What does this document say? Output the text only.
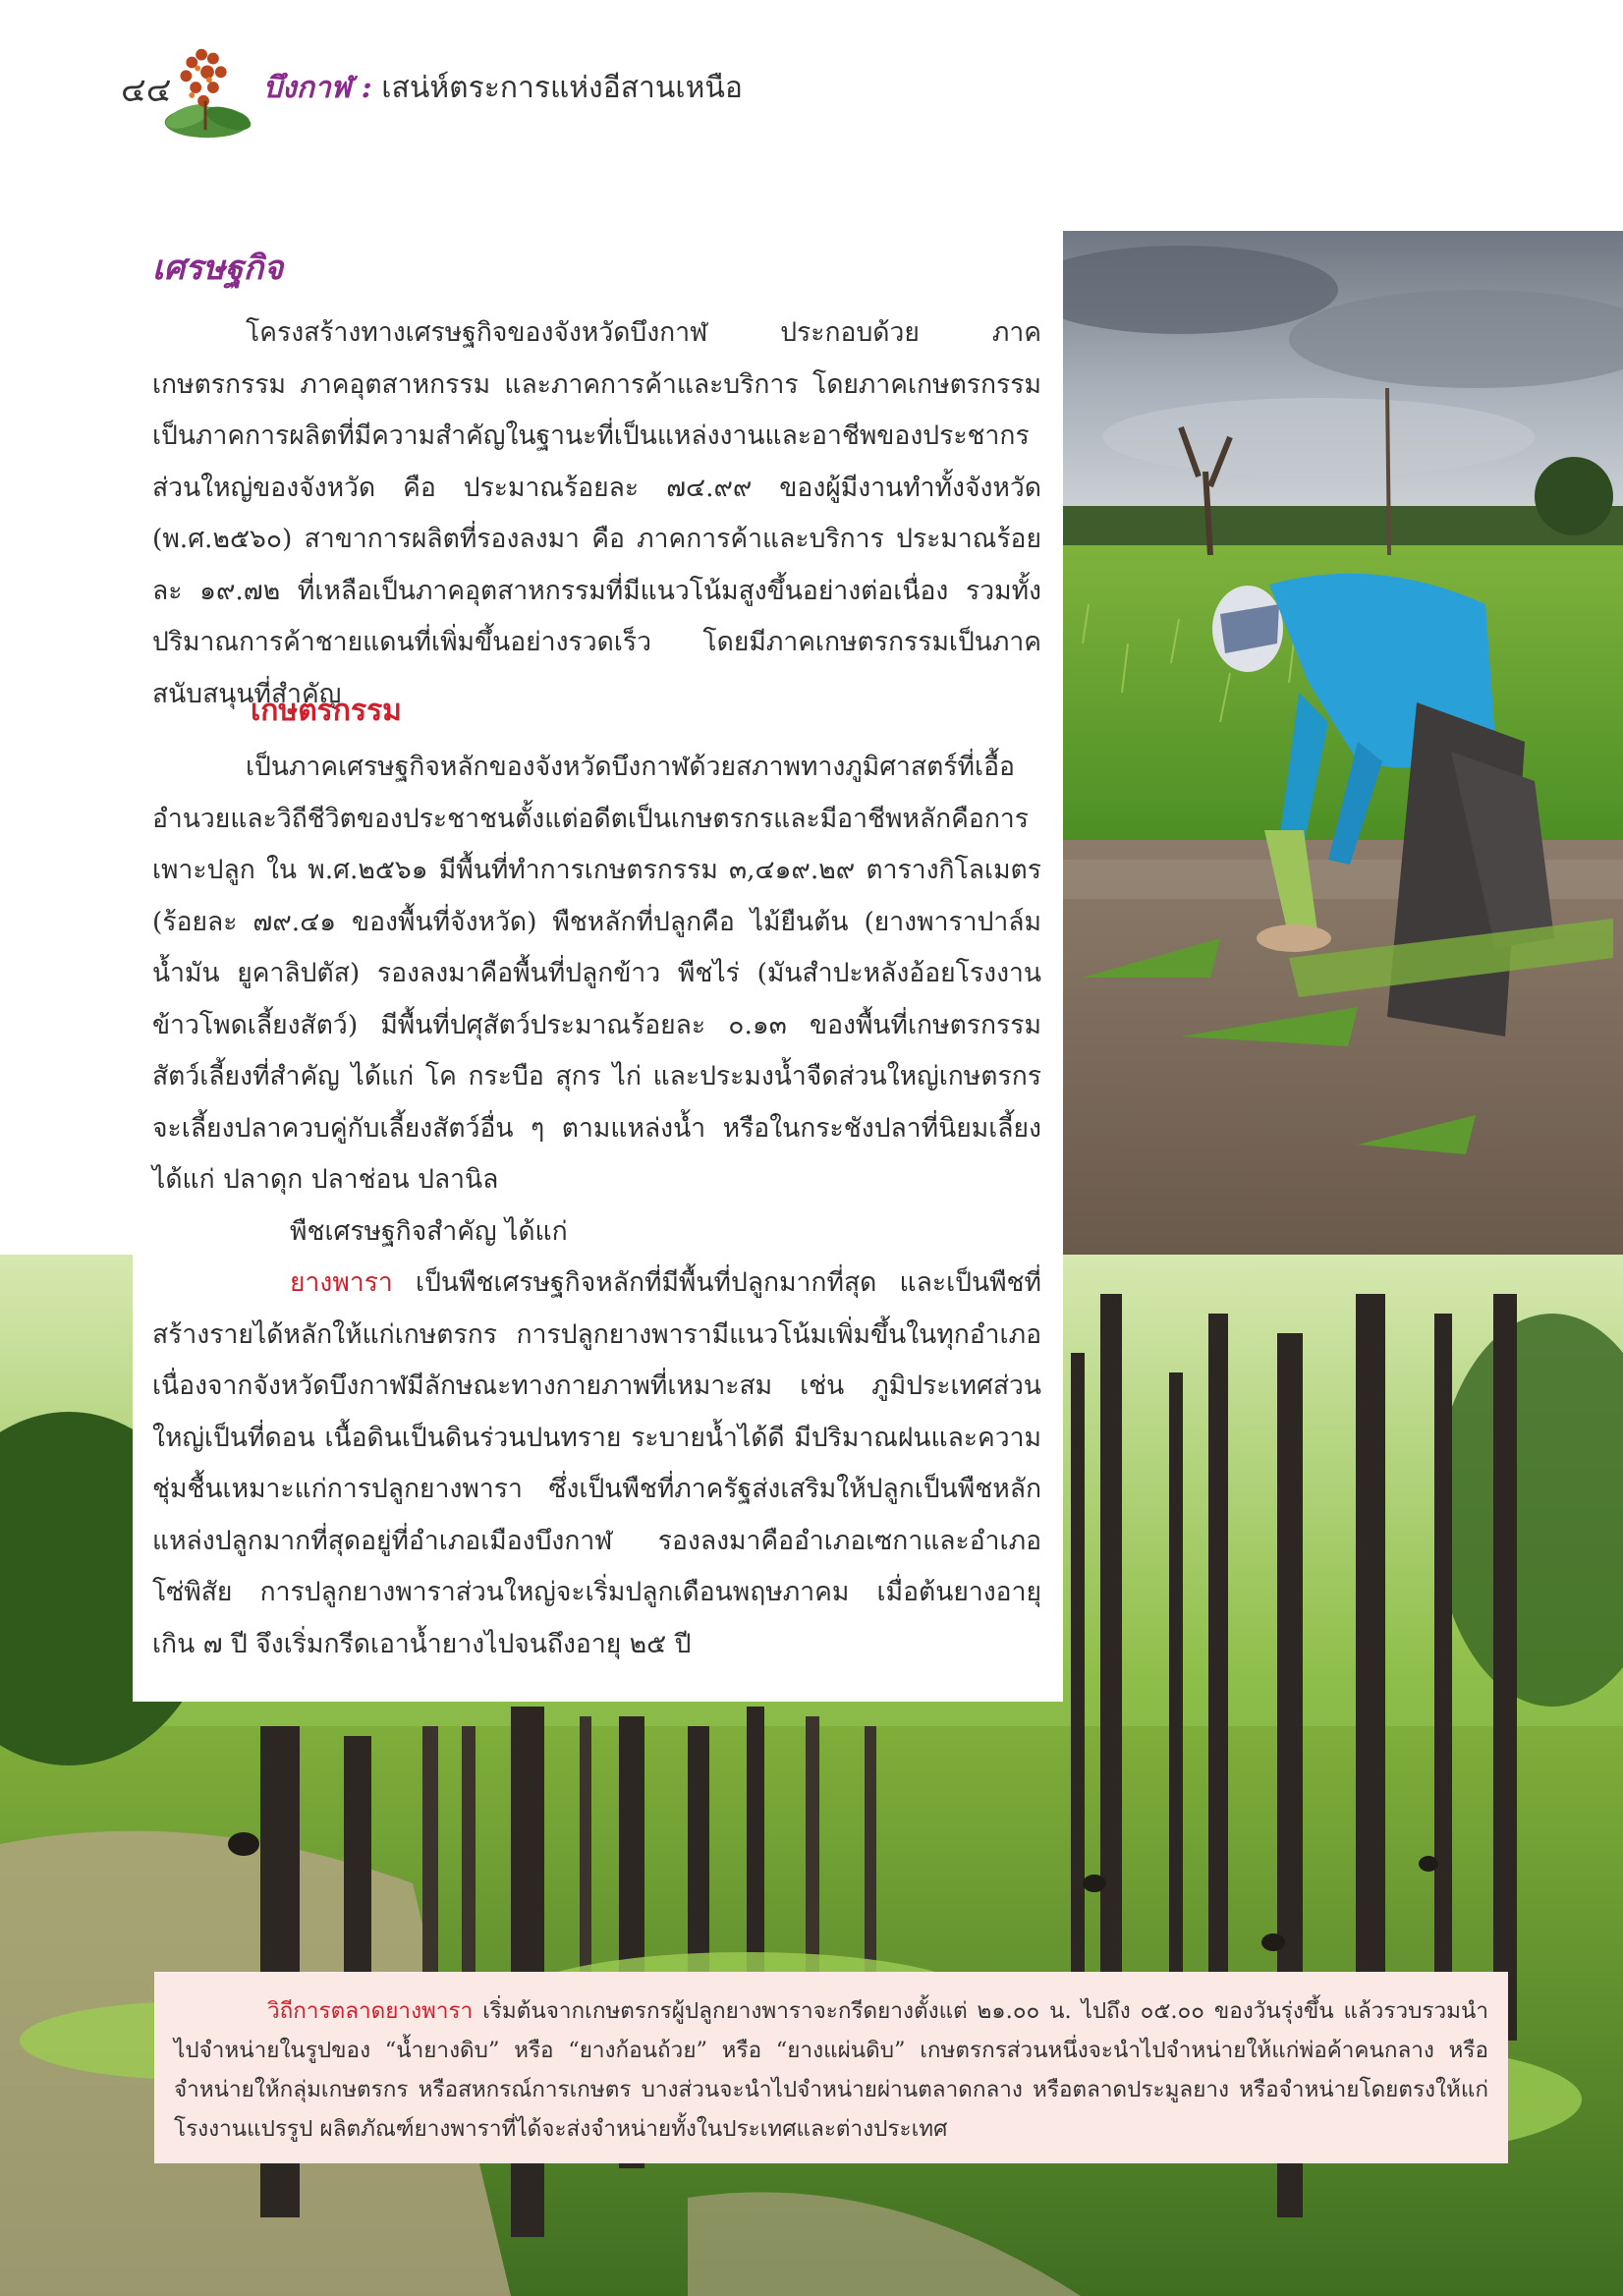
๔๔	บึงกาฬ : เสน่ห์ตระการแห่งอีสานเหนือ
เศรษฐกิจ

โครงสร้างทางเศรษฐกิจของจังหวัดบึงกาฬ ประกอบด้วย ภาคเกษตรกรรม ภาคอุตสาหกรรม และภาคการค้าและบริการ โดยภาคเกษตรกรรมเป็นภาคการผลิตที่มีความสำคัญในฐานะที่เป็นแหล่งงานและอาชีพของประชากรส่วนใหญ่ของจังหวัด คือ ประมาณร้อยละ ๗๔.๙๙ ของผู้มีงานทำทั้งจังหวัด (พ.ศ.๒๕๖๐) สาขาการผลิตที่รองลงมา คือ ภาคการค้าและบริการ ประมาณร้อยละ ๑๙.๗๒ ที่เหลือเป็นภาคอุตสาหกรรมที่มีแนวโน้มสูงขึ้นอย่างต่อเนื่อง รวมทั้งปริมาณการค้าชายแดนที่เพิ่มขึ้นอย่างรวดเร็ว โดยมีภาคเกษตรกรรมเป็นภาคสนับสนุนที่สำคัญ

เกษตรกรรม

เป็นภาคเศรษฐกิจหลักของจังหวัดบึงกาฬด้วยสภาพทางภูมิศาสตร์ที่เอื้ออำนวยและวิถีชีวิตของประชาชนตั้งแต่อดีตเป็นเกษตรกรและมีอาชีพหลักคือการเพาะปลูก ใน พ.ศ.๒๕๖๑ มีพื้นที่ทำการเกษตรกรรม ๓,๔๑๙.๒๙ ตารางกิโลเมตร (ร้อยละ ๗๙.๔๑ ของพื้นที่จังหวัด) พืชหลักที่ปลูกคือ ไม้ยืนต้น (ยางพาราปาล์มน้ำมัน ยูคาลิปตัส) รองลงมาคือพื้นที่ปลูกข้าว พืชไร่ (มันสำปะหลังอ้อยโรงงาน ข้าวโพดเลี้ยงสัตว์) มีพื้นที่ปศุสัตว์ประมาณร้อยละ ๐.๑๓ ของพื้นที่เกษตรกรรม สัตว์เลี้ยงที่สำคัญ ได้แก่ โค กระบือ สุกร ไก่ และประมงน้ำจืดส่วนใหญ่เกษตรกรจะเลี้ยงปลาควบคู่กับเลี้ยงสัตว์อื่น ๆ ตามแหล่งน้ำ หรือในกระชังปลาที่นิยมเลี้ยง ได้แก่ ปลาดุก ปลาช่อน ปลานิล

พืชเศรษฐกิจสำคัญ ได้แก่

ยางพารา เป็นพืชเศรษฐกิจหลักที่มีพื้นที่ปลูกมากที่สุด และเป็นพืชที่สร้างรายได้หลักให้แก่เกษตรกร การปลูกยางพารามีแนวโน้มเพิ่มขึ้นในทุกอำเภอเนื่องจากจังหวัดบึงกาฬมีลักษณะทางกายภาพที่เหมาะสม เช่น ภูมิประเทศส่วนใหญ่เป็นที่ดอน เนื้อดินเป็นดินร่วนปนทราย ระบายน้ำได้ดี มีปริมาณฝนและความชุ่มชื้นเหมาะแก่การปลูกยางพารา ซึ่งเป็นพืชที่ภาครัฐส่งเสริมให้ปลูกเป็นพืชหลัก แหล่งปลูกมากที่สุดอยู่ที่อำเภอเมืองบึงกาฬ รองลงมาคืออำเภอเซกาและอำเภอโซ่พิสัย การปลูกยางพาราส่วนใหญ่จะเริ่มปลูกเดือนพฤษภาคม เมื่อต้นยางอายุเกิน ๗ ปี จึงเริ่มกรีดเอาน้ำยางไปจนถึงอายุ ๒๕ ปี

วิถีการตลาดยางพารา เริ่มต้นจากเกษตรกรผู้ปลูกยางพาราจะกรีดยางตั้งแต่ ๒๑.๐๐ น. ไปถึง ๐๕.๐๐ ของวันรุ่งขึ้น แล้วรวบรวมนำไปจำหน่ายในรูปของ “น้ำยางดิบ” หรือ “ยางก้อนถ้วย” หรือ “ยางแผ่นดิบ” เกษตรกรส่วนหนึ่งจะนำไปจำหน่ายให้แก่พ่อค้าคนกลาง หรือจำหน่ายให้กลุ่มเกษตรกร หรือสหกรณ์การเกษตร บางส่วนจะนำไปจำหน่ายผ่านตลาดกลาง หรือตลาดประมูลยาง หรือจำหน่ายโดยตรงให้แก่โรงงานแปรรูป ผลิตภัณฑ์ยางพาราที่ได้จะส่งจำหน่ายทั้งในประเทศและต่างประเทศ
